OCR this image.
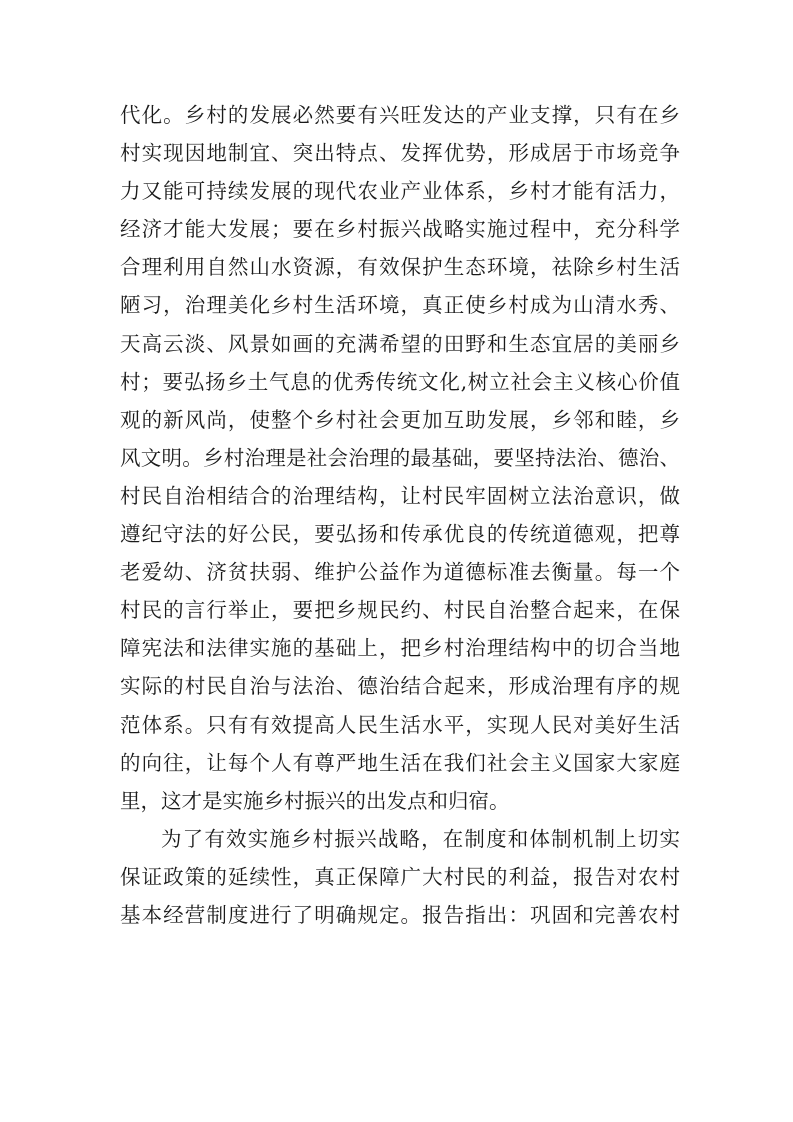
代化。乡村的发展必然要有兴旺发达的产业支撑，只有在乡
村实现因地制宜、突出特点、发挥优势，形成居于市场竞争
力又能可持续发展的现代农业产业体系，乡村才能有活力，
经济才能大发展；要在乡村振兴战略实施过程中，充分科学
合理利用自然山水资源，有效保护生态环境，祛除乡村生活
陋习，治理美化乡村生活环境，真正使乡村成为山清水秀、
天高云淡、风景如画的充满希望的田野和生态宜居的美丽乡
村；要弘扬乡土气息的优秀传统文化,树立社会主义核心价值
观的新风尚，使整个乡村社会更加互助发展，乡邻和睦，乡
风文明。乡村治理是社会治理的最基础，要坚持法治、德治、
村民自治相结合的治理结构，让村民牢固树立法治意识，做
遵纪守法的好公民，要弘扬和传承优良的传统道德观，把尊
老爱幼、济贫扶弱、维护公益作为道德标准去衡量。每一个
村民的言行举止，要把乡规民约、村民自治整合起来，在保
障宪法和法律实施的基础上，把乡村治理结构中的切合当地
实际的村民自治与法治、德治结合起来，形成治理有序的规
范体系。只有有效提高人民生活水平，实现人民对美好生活
的向往，让每个人有尊严地生活在我们社会主义国家大家庭
里，这才是实施乡村振兴的出发点和归宿。
为了有效实施乡村振兴战略，在制度和体制机制上切实
保证政策的延续性，真正保障广大村民的利益，报告对农村
基本经营制度进行了明确规定。报告指出：巩固和完善农村
